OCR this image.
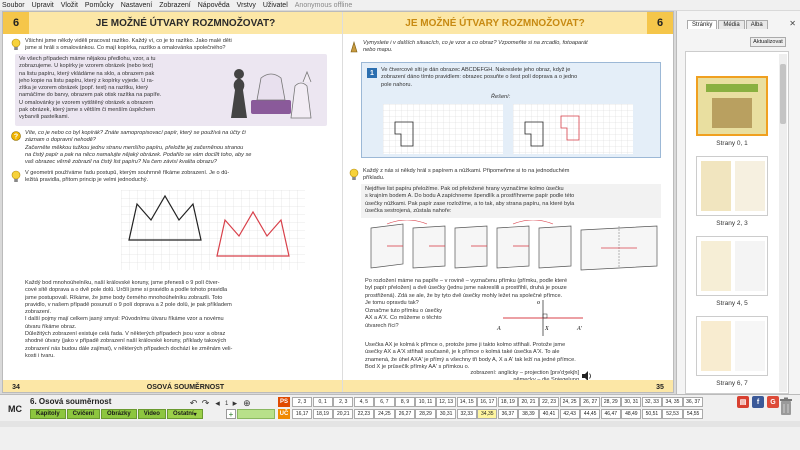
Soubor Upravit Vložit Pomůcky Nastavení Zobrazení Nápověda Vrstvy Uživatel Anonymous offline
6	JE MOŽNÉ ÚTVARY ROZMNOŽOVAT?
Všichni jsme někdy viděli pracovat razítko. Každý ví, co je to razítko. Jako malé děti
jsme si hráli s omalovánkou. Co mají kopírka, razítko a omalovánka společného?
Ve všech případech máme nějakou předlohu, vzor, a tu
zobrazujeme. U kopírky je vzorem obrázek (nebo text)
na listu papíru, který vkládáme na sklo, a obrazem pak
jeho kopie na listu papíru, který z kopírky vyjede. U ra-
zítka je vzorem obrázek (popř. text) na razítku, který
namáčíme do barvy, obrazem pak otisk razítka na papíře.
U omalovánky je vzorem vytištěný obrázek a obrazem
pak obrázek, který jsme s větším či menším úspěchem
vybarvili pastelkami.
?
Víte, co je nebo co byl kopírák? Znáte samopropisovací papír, který se používá na účty či
záznam o dopravní nehodě?
Začerněte měkkou tužkou jednu stranu menšího papíru, přeložte jej začerněnou stranou
na čistý papír a pak na něco namalujte nějaký obrázek. Podařilo se vám docílit toho, aby se
vaš obrazec věrně zobrazil na čistý list papíru? Na čem závisí kvalita obrazu?
V geometrii používáme řadu postupů, kterým souhrnně říkáme zobrazení. Je o dů-
ležitá pravidla, přitom princip je velmi jednoduchý.
Každý bod mnohoúhelníku, naší královské koruny, jsme přenesli o 9 polí čtver-
cové sítě doprava a o dvě pole dolů. Určili jsme si pravidlo a podle tohoto pravidla
jsme postupovali. Říkáme, že jsme body černého mnohoúhelníku zobrazili. Toto
pravidlo, v našem případě posunutí o 9 polí doprava a 2 pole dolů, je pak příkladem
zobrazení.
I další pojmy mají celkem jasný smysl: Původnímu útvaru říkáme vzor a novému
útvaru říkáme obraz.
Důležitých zobrazení existuje celá řada. V některých případech jsou vzor a obraz
shodné útvary (jako v případě zobrazení naší královské koruny, příklady takových
zobrazení nás budou dále zajímat), v některých případech dochází ke změnám veli-
kosti i tvaru.
34	OSOVÁ SOUMĚRNOST
JE MOŽNÉ ÚTVARY ROZMNOŽOVAT?	6
Vymyslete i v dalších situacích, co je vzor a co obraz? Vzpomeňte si na zrcadlo, fotoaparát
nebo mapu.
1	Ve čtvercové síti je dán obrazec ABCDEFGH. Nakreslete jeho obraz, když je
zobrazení dáno tímto pravidlem: obrazec posuňte o šest polí doprava a o jedno
pole nahoru.
Řešení:
Každý z nás si někdy hrál s papírem a nůžkami. Připomeňme si to na jednoduchém
příkladu.
Nejdřive list papíru přeložíme. Pak od přeložené hrany vyznačíme kolmo úsečku
s krajním bodem A. Do bodu A zapíchneme špendlík a prostříhneme papír podle této
úsečky nůžkami. Pak papír zase rozložíme, a to tak, aby strana papíru, na které byla
úsečka sestrojená, zůstala nahoře:
Po rozložení máme na papíře – v rovině – vyznačenu přímku (přímku, podle které
byl papír přeložen) a dvě úsečky (jednu jsme nakreslili a prostřihli, druhá je pouze
prostřižená). Zdá se ale, že by tyto dvě úsečky mohly ležet na společné přímce.
Je tomu opravdu tak?
Označme tuto přímku o úsečky
AX a A'X. Co můžeme o těchto
útvarech říci?
o
A	X	A'
Úsečka AX je kolmá k přímce o, protože jsme ji takto kolmo střihali. Protože jsme
úsečky AX a A'X střihali současně, je k přímce o kolmá také úsečka A'X. To ale
znamená, že úhel AXA' je přímý a všechny tři body A, X a A' tak leží na jedné přímce.
Bod X je průsečík přímky AA' s přímkou o.
zobrazení: anglicky – projection [prə'dʒekʃn]
35
Stránky	Média	Alba	✕
Aktualizovat
Strany 0, 1
Strany 2, 3
Strany 4, 5
Strany 6, 7
MC
6. Osová souměrnost
Kapitoly	Cvičení	Obrázky	Video	Ostatní ▾
↶ ↷ ◂ 1 ▸ ⊕
+
PS
UČ
2, 3	0, 1	2, 3	4, 5	6, 7	8, 9	10, 11	12, 13	14, 15	16, 17	18, 19	20, 21	22, 23	24, 25	26, 27	28, 29	30, 31	32, 33	34, 35	36, 37
16,17	18,19	20,21	22,23	24,25	26,27	28,29	30,31	32,33	34,35	36,37	38,39	40,41	42,43	44,45	46,47	48,49	50,51	52,53	54,55
▤	f	G
